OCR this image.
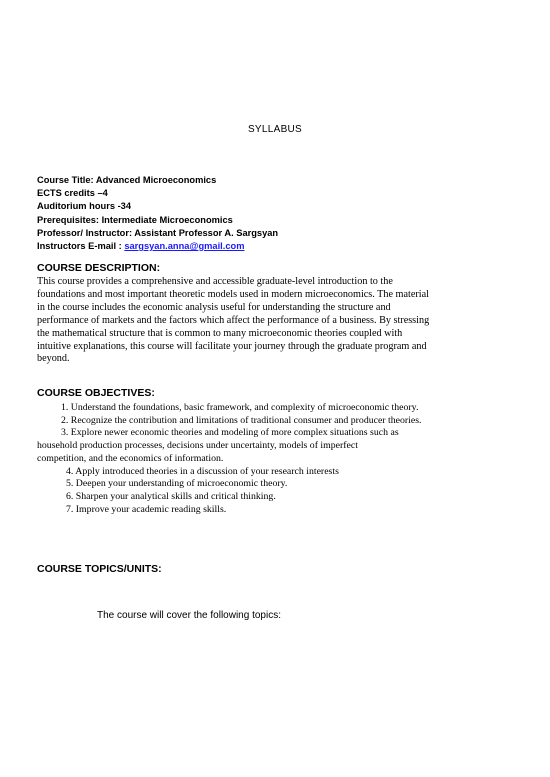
SYLLABUS
Course Title: Advanced Microeconomics
ECTS credits –4
Auditorium hours -34
Prerequisites: Intermediate Microeconomics
Professor/ Instructor: Assistant Professor A. Sargsyan
Instructors E-mail : sargsyan.anna@gmail.com
COURSE DESCRIPTION:
This course provides a comprehensive and accessible graduate-level introduction to the
foundations and most important theoretic models used in modern microeconomics. The material
in the course includes the economic analysis useful for understanding the structure and
performance of markets and the factors which affect the performance of a business. By stressing
the mathematical structure that is common to many microeconomic theories coupled with
intuitive explanations, this course will facilitate your journey through the graduate program and
beyond.
COURSE OBJECTIVES:
1. Understand the foundations, basic framework, and complexity of microeconomic theory.
2. Recognize the contribution and limitations of traditional consumer and producer theories.
3. Explore newer economic theories and modeling of more complex situations such as
household production processes, decisions under uncertainty, models of imperfect
competition, and the economics of information.
4. Apply introduced theories in a discussion of your research interests
5. Deepen your understanding of microeconomic theory.
6. Sharpen your analytical skills and critical thinking.
7. Improve your academic reading skills.
COURSE TOPICS/UNITS:
The course will cover the following topics:
